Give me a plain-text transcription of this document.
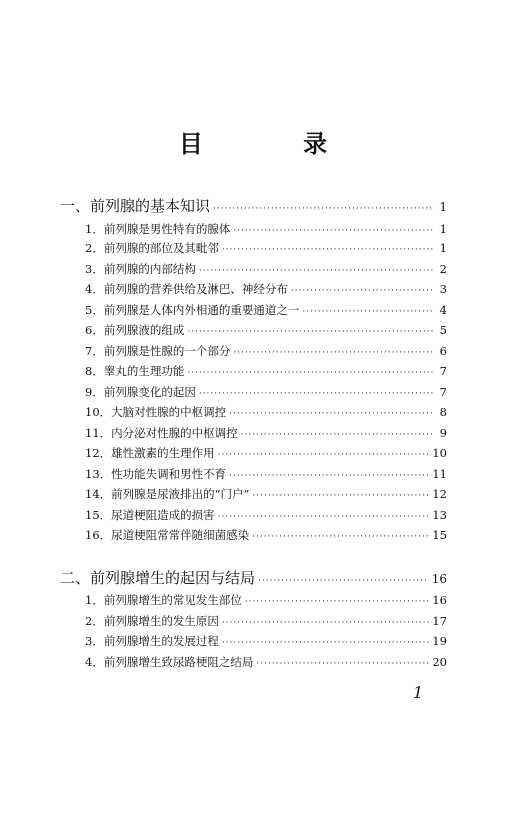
目 录
一、前列腺的基本知识 ·····	1
1．前列腺是男性特有的腺体 ·····	1
2．前列腺的部位及其毗邻 ·····	1
3．前列腺的内部结构 ·····	2
4．前列腺的营养供给及淋巴、神经分布 ·····	3
5．前列腺是人体内外相通的重要通道之一 ·····	4
6．前列腺液的组成 ·····	5
7．前列腺是性腺的一个部分 ·····	6
8．睾丸的生理功能 ·····	7
9．前列腺变化的起因 ·····	7
10．大脑对性腺的中枢调控 ·····	8
11．内分泌对性腺的中枢调控 ·····	9
12．雄性激素的生理作用 ·····	10
13．性功能失调和男性不育 ·····	11
14．前列腺是尿液排出的“门户” ·····	12
15．尿道梗阻造成的损害 ·····	13
16．尿道梗阻常常伴随细菌感染 ·····	15
二、前列腺增生的起因与结局 ·····	16
1．前列腺增生的常见发生部位 ·····	16
2．前列腺增生的发生原因 ·····	17
3．前列腺增生的发展过程 ·····	19
4．前列腺增生致尿路梗阻之结局 ·····	20
1
